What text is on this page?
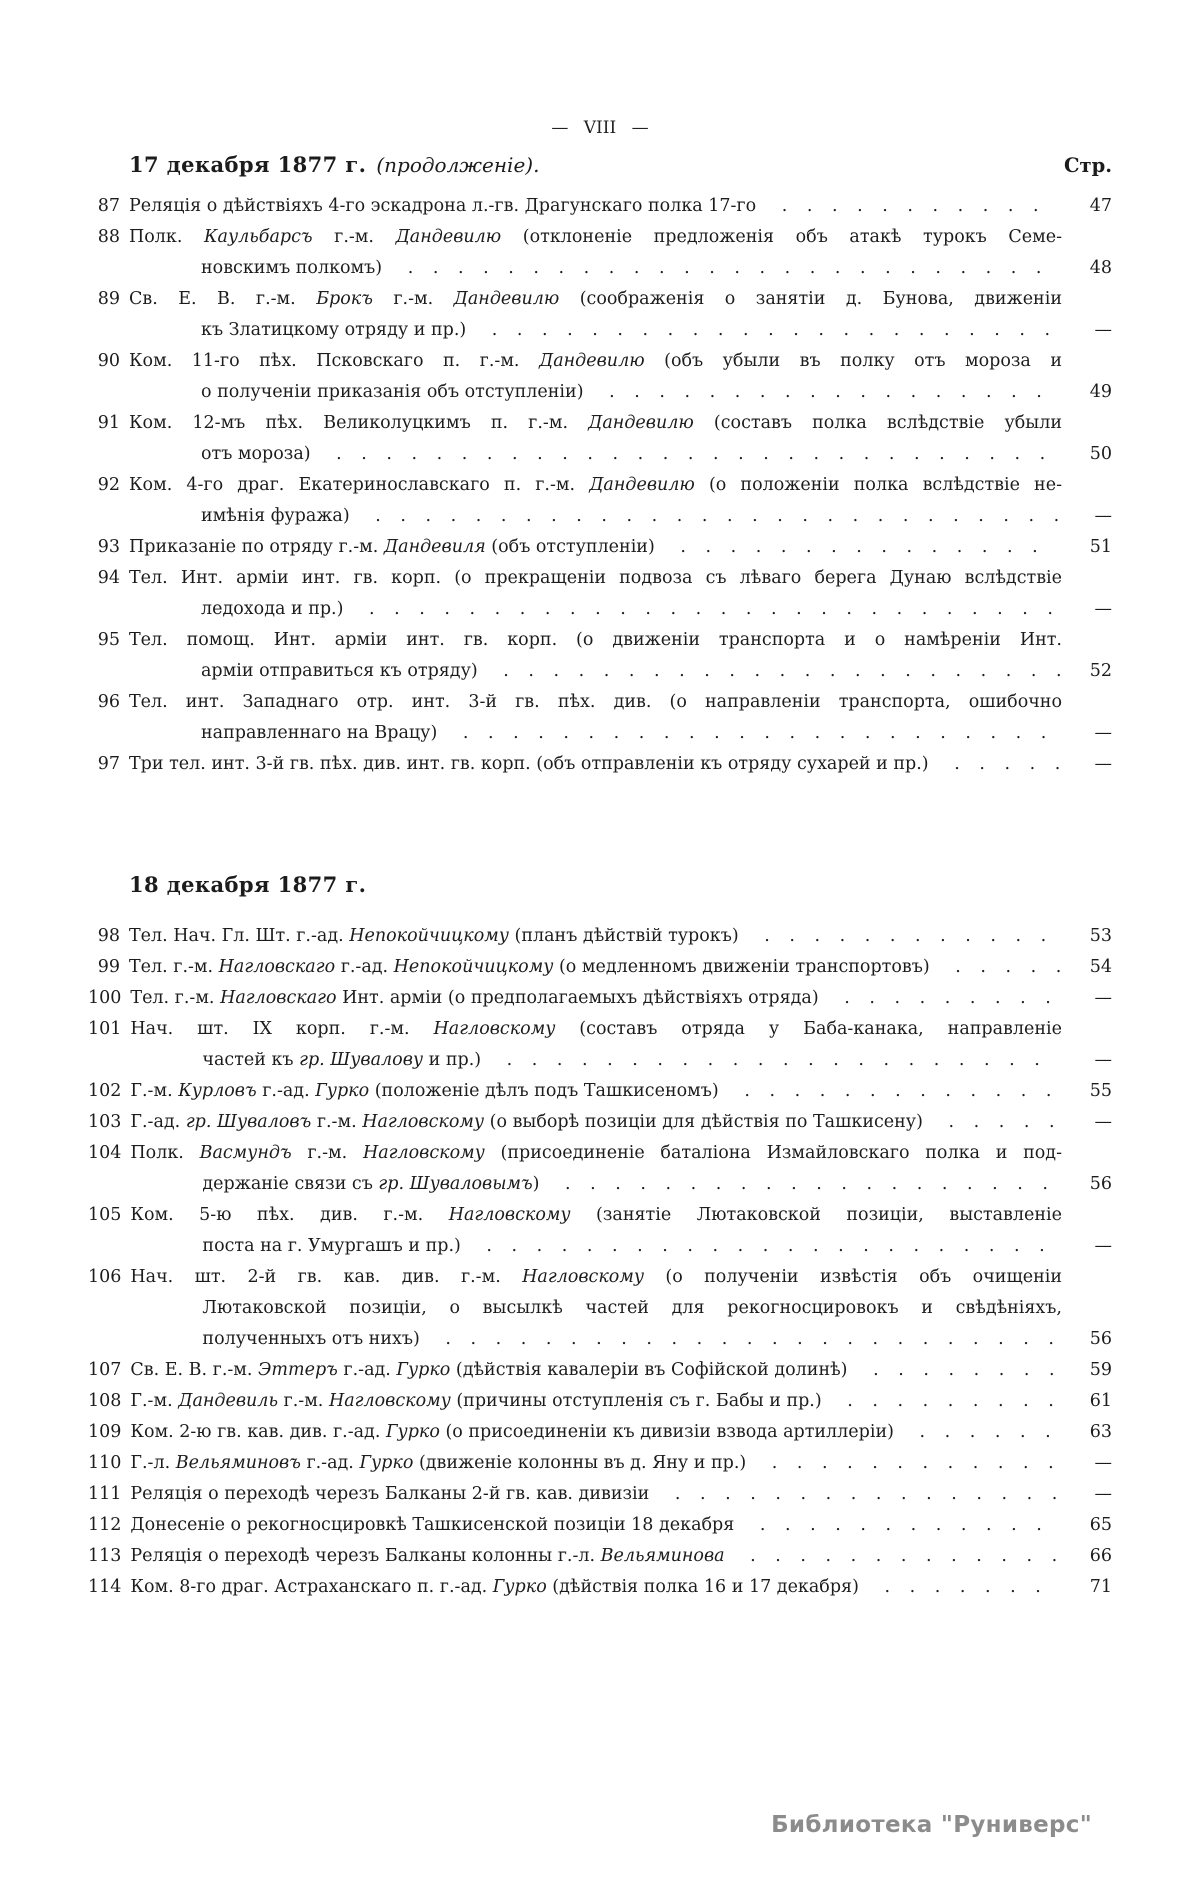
— VIII —
17 декабря 1877 г. (продолженіе).	Стр.
87 Реляція о дѣйствіяхъ 4-го эскадрона л.-гв. Драгунскаго полка 17-го . . . . . . . . . . .	47
88 Полк. Каульбарсъ г.-м. Дандевилю (отклоненіе предложенія объ атакѣ турокъ Семе-
новскимъ полкомъ) . . . . . . . . . . . . . . . . . . . . . . . . . .	48
89 Св. Е. В. г.-м. Брокъ г.-м. Дандевилю (соображенія о занятіи д. Бунова, движеніи
къ Златицкому отряду и пр.) . . . . . . . . . . . . . . . . . . . . . . .	—
90 Ком. 11-го пѣх. Псковскаго п. г.-м. Дандевилю (объ убыли въ полку отъ мороза и
о полученіи приказанія объ отступленіи) . . . . . . . . . . . . . . . . . .	49
91 Ком. 12-мъ пѣх. Великолуцкимъ п. г.-м. Дандевилю (составъ полка вслѣдствіе убыли
отъ мороза) . . . . . . . . . . . . . . . . . . . . . . . . . . . . .	50
92 Ком. 4-го драг. Екатеринославскаго п. г.-м. Дандевилю (о положеніи полка вслѣдствіе не-
имѣнія фуража) . . . . . . . . . . . . . . . . . . . . . . . . . . . .	—
93 Приказаніе по отряду г.-м. Дандевиля (объ отступленіи) . . . . . . . . . . . . . . .	51
94 Тел. Инт. арміи инт. гв. корп. (о прекращеніи подвоза съ лѣваго берега Дунаю вслѣдствіе
ледохода и пр.) . . . . . . . . . . . . . . . . . . . . . . . . . . . .	—
95 Тел. помощ. Инт. арміи инт. гв. корп. (о движеніи транспорта и о намѣреніи Инт.
арміи отправиться къ отряду) . . . . . . . . . . . . . . . . . . . . . . .	52
96 Тел. инт. Западнаго отр. инт. 3-й гв. пѣх. див. (о направленіи транспорта, ошибочно
направленнаго на Врацу) . . . . . . . . . . . . . . . . . . . . . . . .	—
97 Три тел. инт. 3-й гв. пѣх. див. инт. гв. корп. (объ отправленіи къ отряду сухарей и пр.) . . . . .	—
18 декабря 1877 г.
98 Тел. Нач. Гл. Шт. г.-ад. Непокойчицкому (планъ дѣйствій турокъ) . . . . . . . . . . . .	53
99 Тел. г.-м. Нагловскаго г.-ад. Непокойчицкому (о медленномъ движеніи транспортовъ) . . . . .	54
100 Тел. г.-м. Нагловскаго Инт. арміи (о предполагаемыхъ дѣйствіяхъ отряда) . . . . . . . . .	—
101 Нач. шт. IX корп. г.-м. Нагловскому (составъ отряда у Баба-канака, направленіе
частей къ гр. Шувалову и пр.) . . . . . . . . . . . . . . . . . . . . . .	—
102 Г.-м. Курловъ г.-ад. Гурко (положеніе дѣлъ подъ Ташкисеномъ) . . . . . . . . . . . . .	55
103 Г.-ад. гр. Шуваловъ г.-м. Нагловскому (о выборѣ позиціи для дѣйствія по Ташкисену) . . . . .	—
104 Полк. Васмундъ г.-м. Нагловскому (присоединеніе баталіона Измайловскаго полка и под-
держаніе связи съ гр. Шуваловымъ) . . . . . . . . . . . . . . . . . . . .	56
105 Ком. 5-ю пѣх. див. г.-м. Нагловскому (занятіе Лютаковской позиціи, выставленіе
поста на г. Умургашъ и пр.) . . . . . . . . . . . . . . . . . . . . . . .	—
106 Нач. шт. 2-й гв. кав. див. г.-м. Нагловскому (о полученіи извѣстія объ очищеніи
Лютаковской позиціи, о высылкѣ частей для рекогносцировокъ и свѣдѣніяхъ,
полученныхъ отъ нихъ) . . . . . . . . . . . . . . . . . . . . . . . . .	56
107 Св. Е. В. г.-м. Эттеръ г.-ад. Гурко (дѣйствія кавалеріи въ Софійской долинѣ) . . . . . . . .	59
108 Г.-м. Дандевиль г.-м. Нагловскому (причины отступленія съ г. Бабы и пр.) . . . . . . . . .	61
109 Ком. 2-ю гв. кав. див. г.-ад. Гурко (о присоединеніи къ дивизіи взвода артиллеріи) . . . . . .	63
110 Г.-л. Вельяминовъ г.-ад. Гурко (движеніе колонны въ д. Яну и пр.) . . . . . . . . . . . .	—
111 Реляція о переходѣ черезъ Балканы 2-й гв. кав. дивизіи . . . . . . . . . . . . . . . .	—
112 Донесеніе о рекогносцировкѣ Ташкисенской позиціи 18 декабря . . . . . . . . . . . .	65
113 Реляція о переходѣ черезъ Балканы колонны г.-л. Вельяминова . . . . . . . . . . . . .	66
114 Ком. 8-го драг. Астраханскаго п. г.-ад. Гурко (дѣйствія полка 16 и 17 декабря) . . . . . . .	71
Библиотека "Руниверс"
